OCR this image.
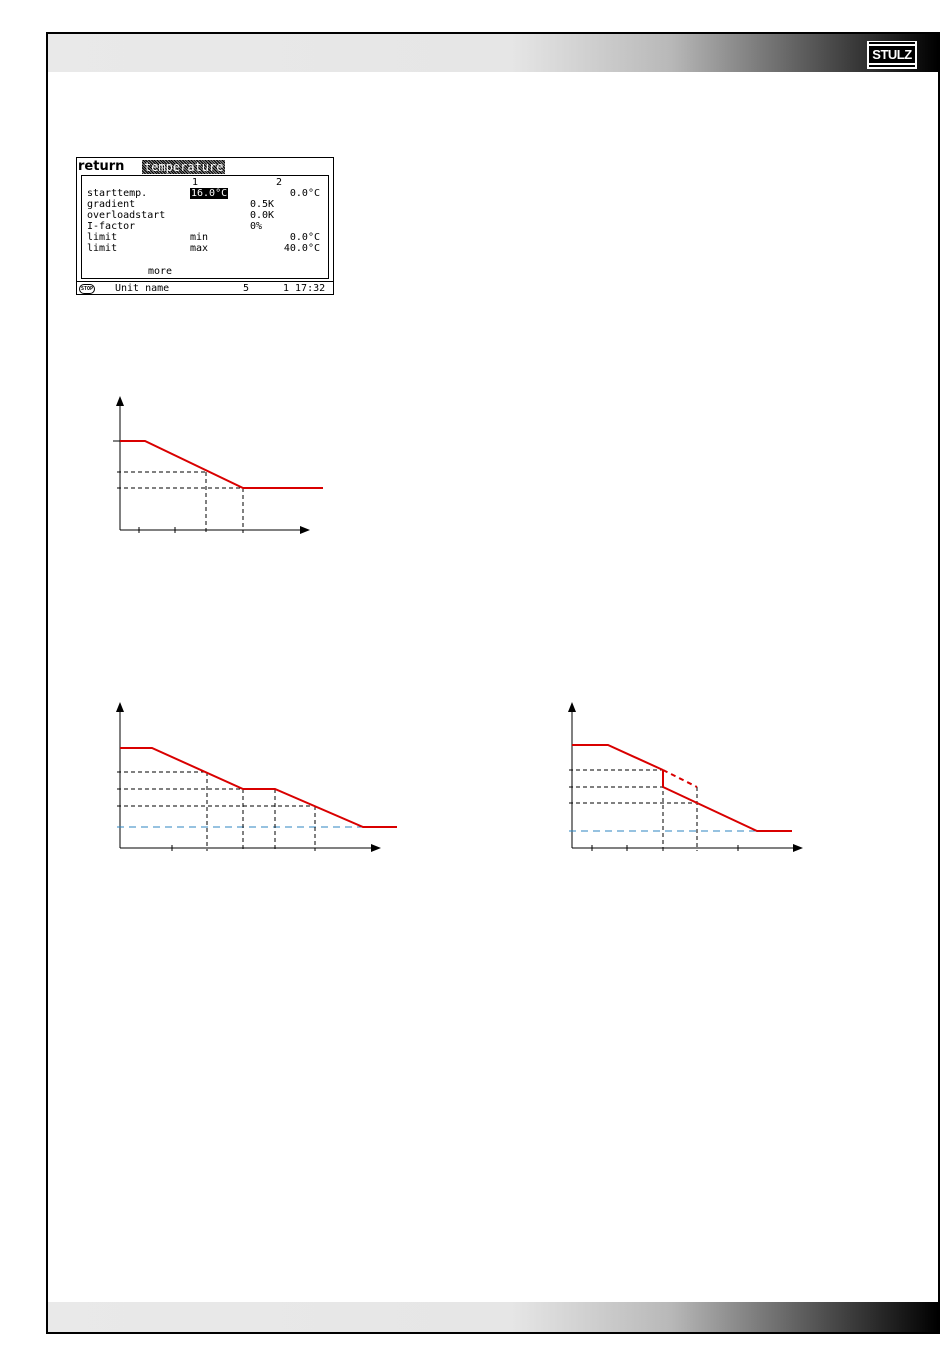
STULZ
return temperature
1	2
starttemp.	16.0°C	0.0°C
gradient	0.5K
overloadstart	0.0K
I-factor	0%
limit	min	0.0°C
limit	max	40.0°C
more
STOP Unit name	5	1 17:32
